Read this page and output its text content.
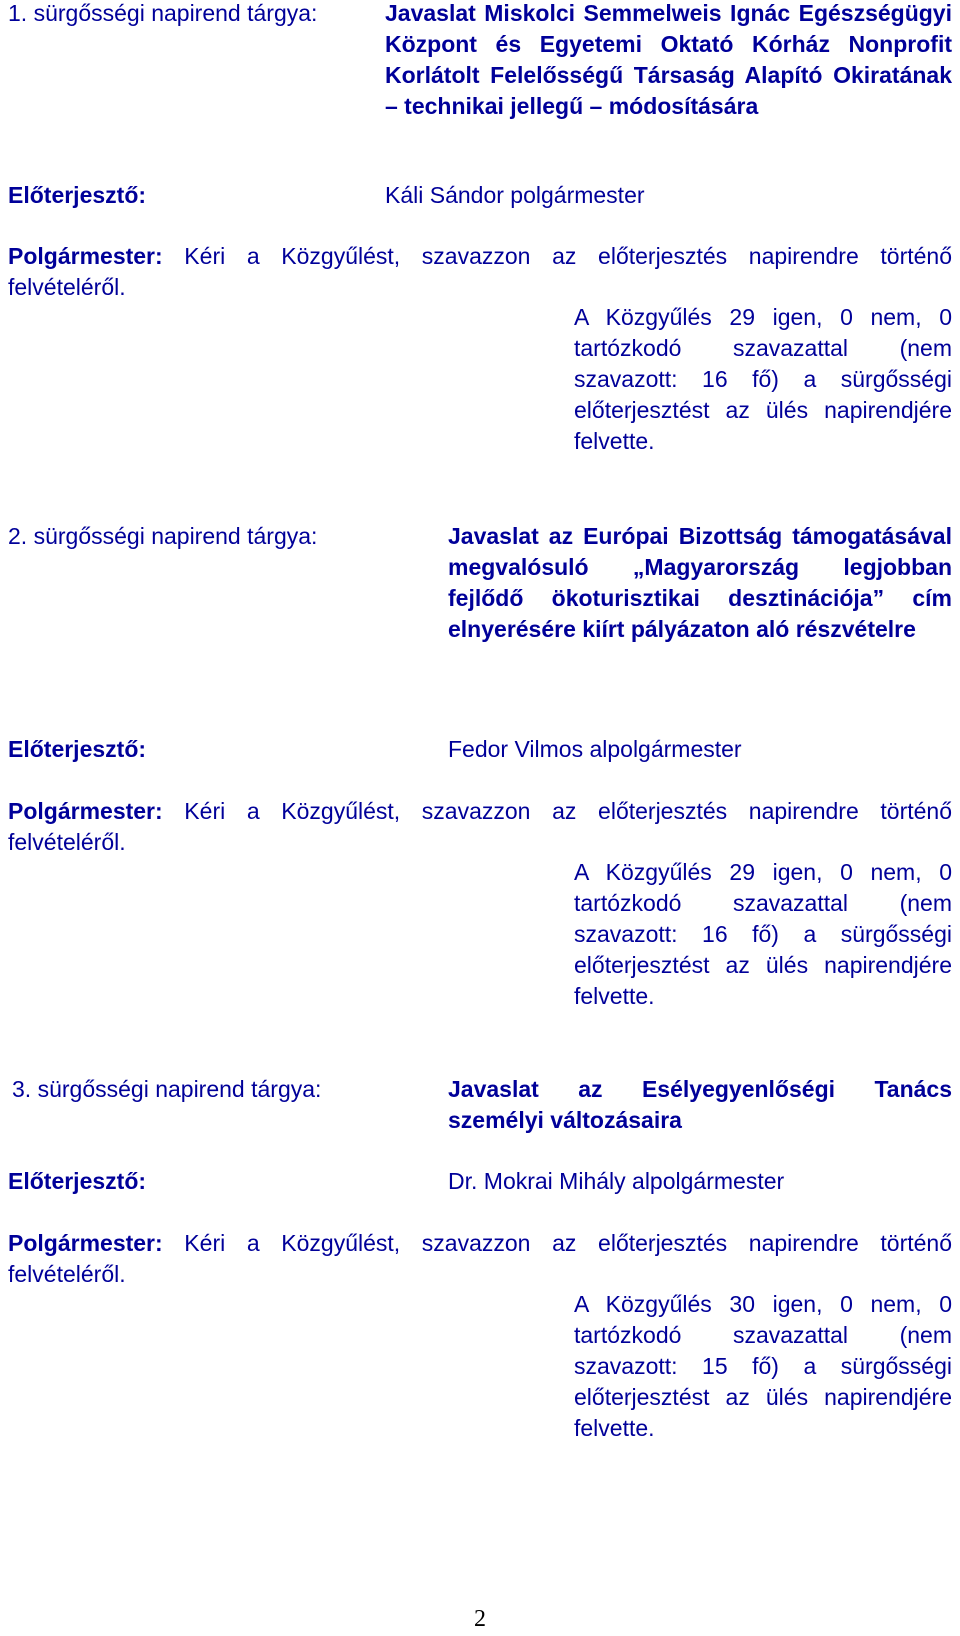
1. sürgősségi napirend tárgya:	Javaslat Miskolci Semmelweis Ignác Egészségügyi Központ és Egyetemi Oktató Kórház Nonprofit Korlátolt Felelősségű Társaság Alapító Okiratának – technikai jellegű – módosítására
Előterjesztő:	Káli Sándor polgármester
Polgármester: Kéri a Közgyűlést, szavazzon az előterjesztés napirendre történő felvételéről.
A Közgyűlés 29 igen, 0 nem, 0 tartózkodó szavazattal (nem szavazott: 16 fő) a sürgősségi előterjesztést az ülés napirendjére felvette.
2. sürgősségi napirend tárgya:	Javaslat az Európai Bizottság támogatásával megvalósuló „Magyarország legjobban fejlődő ökoturisztikai desztinációja” cím elnyerésére kiírt pályázaton aló részvételre
Előterjesztő:	Fedor Vilmos alpolgármester
Polgármester: Kéri a Közgyűlést, szavazzon az előterjesztés napirendre történő felvételéről.
A Közgyűlés 29 igen, 0 nem, 0 tartózkodó szavazattal (nem szavazott: 16 fő) a sürgősségi előterjesztést az ülés napirendjére felvette.
3. sürgősségi napirend tárgya:	Javaslat az Esélyegyenlőségi Tanács személyi változásaira
Előterjesztő:	Dr. Mokrai Mihály alpolgármester
Polgármester: Kéri a Közgyűlést, szavazzon az előterjesztés napirendre történő felvételéről.
A Közgyűlés 30 igen, 0 nem, 0 tartózkodó szavazattal (nem szavazott: 15 fő) a sürgősségi előterjesztést az ülés napirendjére felvette.
2
